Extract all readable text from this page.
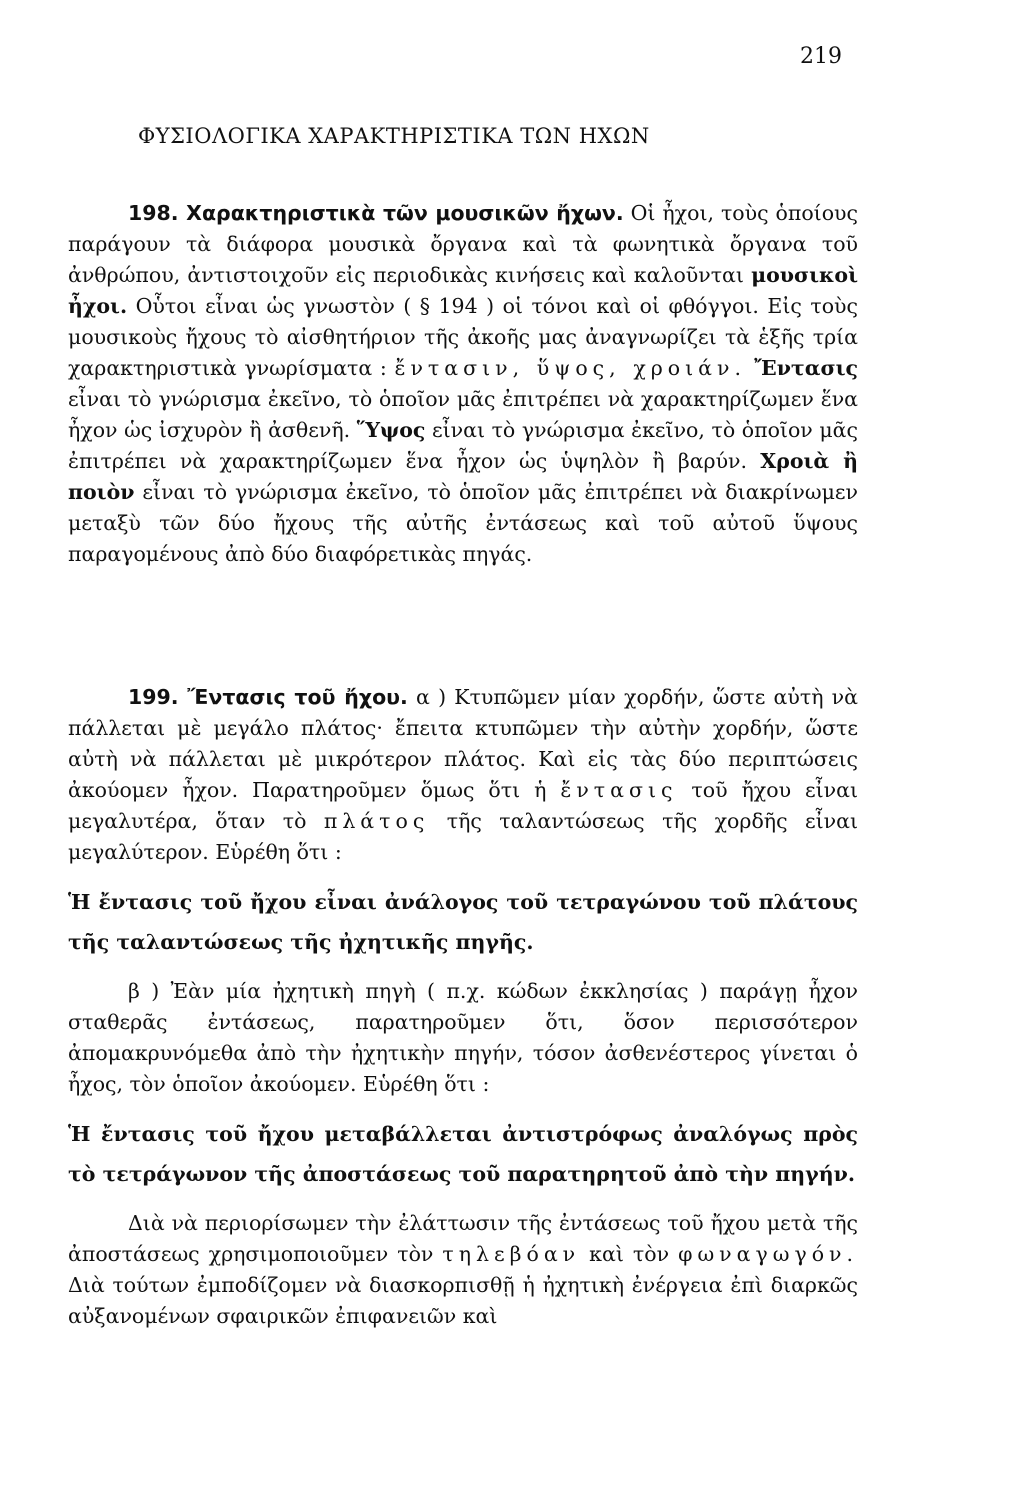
219
ΦΥΣΙΟΛΟΓΙΚΑ ΧΑΡΑΚΤΗΡΙΣΤΙΚΑ ΤΩΝ ΗΧΩΝ

198. Χαρακτηριστικὰ τῶν μουσικῶν ἤχων. Οἱ ἦχοι, τοὺς ὁποίους παράγουν τὰ διάφορα μουσικὰ ὄργανα καὶ τὰ φωνητικὰ ὄργανα τοῦ ἀνθρώπου, ἀντιστοιχοῦν εἰς περιοδικὰς κινήσεις καὶ καλοῦνται μουσικοὶ ἦχοι. Οὗτοι εἶναι ὡς γνωστὸν ( § 194 ) οἱ τόνοι καὶ οἱ φθόγγοι. Εἰς τοὺς μουσικοὺς ἤχους τὸ αἰσθητήριον τῆς ἀκοῆς μας ἀναγνωρίζει τὰ ἑξῆς τρία χαρακτηριστικὰ γνωρίσματα : ἔντασιν, ὕψος, χροιάν. Ἔντασις εἶναι τὸ γνώρισμα ἐκεῖνο, τὸ ὁποῖον μᾶς ἐπιτρέπει νὰ χαρακτηρίζωμεν ἕνα ἦχον ὡς ἰσχυρὸν ἢ ἀσθενῆ. Ὕψος εἶναι τὸ γνώρισμα ἐκεῖνο, τὸ ὁποῖον μᾶς ἐπιτρέπει νὰ χαρακτηρίζωμεν ἕνα ἦχον ὡς ὑψηλὸν ἢ βαρύν. Χροιὰ ἢ ποιὸν εἶναι τὸ γνώρισμα ἐκεῖνο, τὸ ὁποῖον μᾶς ἐπιτρέπει νὰ διακρίνωμεν μεταξὺ τῶν δύο ἤχους τῆς αὐτῆς ἐντάσεως καὶ τοῦ αὐτοῦ ὕψους παραγομένους ἀπὸ δύο διαφόρετικὰς πηγάς.

199. Ἔντασις τοῦ ἤχου. α ) Κτυπῶμεν μίαν χορδήν, ὥστε αὐτὴ νὰ πάλλεται μὲ μεγάλο πλάτος· ἔπειτα κτυπῶμεν τὴν αὐτὴν χορδήν, ὥστε αὐτὴ νὰ πάλλεται μὲ μικρότερον πλάτος. Καὶ εἰς τὰς δύο περιπτώσεις ἀκούομεν ἦχον. Παρατηροῦμεν ὅμως ὅτι ἡ ἔντασις τοῦ ἤχου εἶναι μεγαλυτέρα, ὅταν τὸ πλάτος τῆς ταλαντώσεως τῆς χορδῆς εἶναι μεγαλύτερον. Εὑρέθη ὅτι :

Ἡ ἔντασις τοῦ ἤχου εἶναι ἀνάλογος τοῦ τετραγώνου τοῦ πλάτους τῆς ταλαντώσεως τῆς ἠχητικῆς πηγῆς.

β ) Ἐὰν μία ἠχητικὴ πηγὴ ( π.χ. κώδων ἐκκλησίας ) παράγῃ ἦχον σταθερᾶς ἐντάσεως, παρατηροῦμεν ὅτι, ὅσον περισσότερον ἀπομακρυνόμεθα ἀπὸ τὴν ἠχητικὴν πηγήν, τόσον ἀσθενέστερος γίνεται ὁ ἦχος, τὸν ὁποῖον ἀκούομεν. Εὑρέθη ὅτι :

Ἡ ἔντασις τοῦ ἤχου μεταβάλλεται ἀντιστρόφως ἀναλόγως πρὸς τὸ τετράγωνον τῆς ἀποστάσεως τοῦ παρατηρητοῦ ἀπὸ τὴν πηγήν.

Διὰ νὰ περιορίσωμεν τὴν ἐλάττωσιν τῆς ἐντάσεως τοῦ ἤχου μετὰ τῆς ἀποστάσεως χρησιμοποιοῦμεν τὸν τηλεβόαν καὶ τὸν φωναγωγόν. Διὰ τούτων ἐμποδίζομεν νὰ διασκορπισθῇ ἡ ἠχητικὴ ἐνέργεια ἐπὶ διαρκῶς αὐξανομένων σφαιρικῶν ἐπιφανειῶν καὶ
